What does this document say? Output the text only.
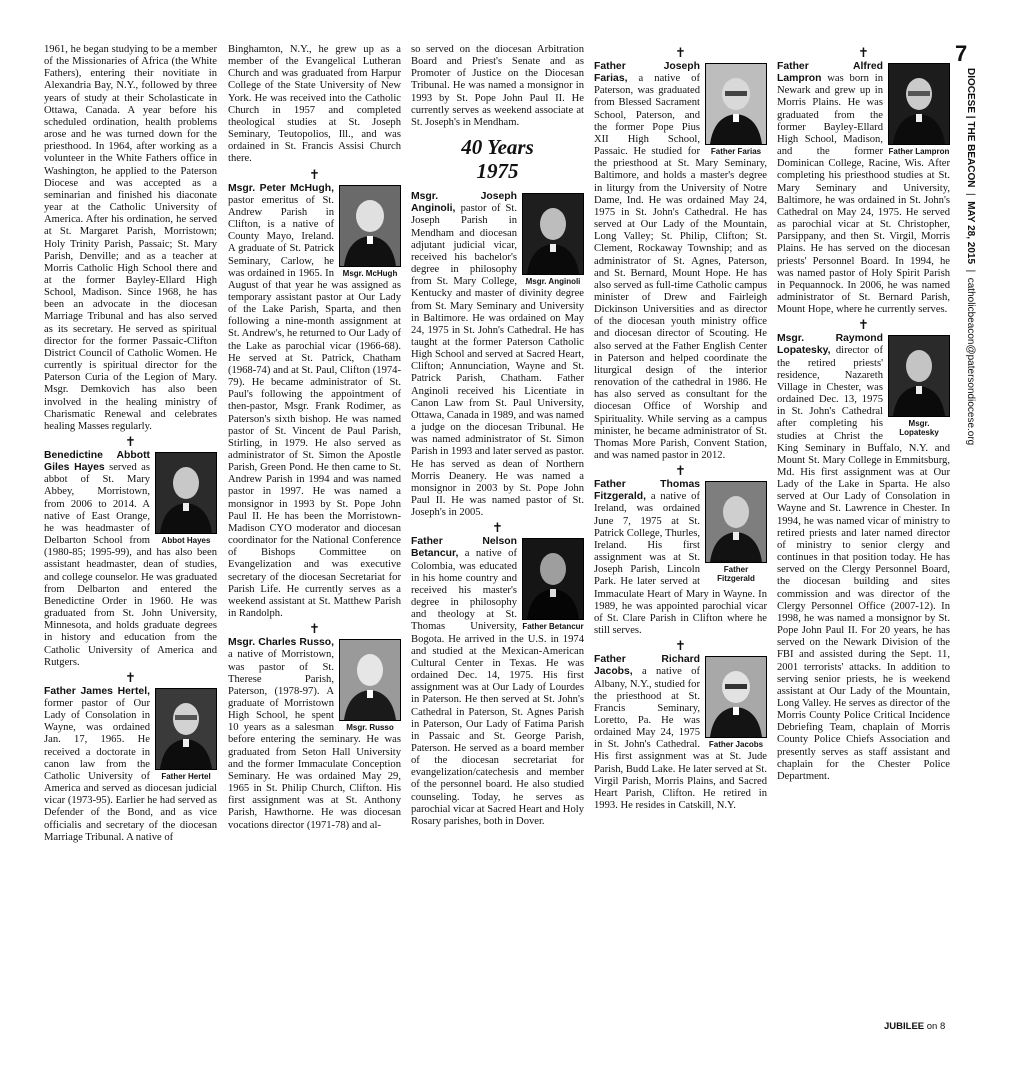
7
DIOCESE | THE BEACON  |  MAY 28, 2015  |  catholicbeacon@patersondiocese.org

1961, he began studying to be a member of the Missionaries of Africa (the White Fathers), entering their novitiate in Alexandria Bay, N.Y., followed by three years of study at their Scholasticate in Ottawa, Canada. A year before his scheduled ordination, health problems arose and he was turned down for the priesthood. In 1964, after working as a volunteer in the White Fathers office in Washington, he applied to the Paterson Diocese and was accepted as a seminarian and finished his diaconate year at the Catholic University of America. After his ordination, he served at St. Margaret Parish, Morristown; Holy Trinity Parish, Passaic; St. Mary Parish, Denville; and as a teacher at Morris Catholic High School there and at the former Bayley-Ellard High School, Madison. Since 1968, he has been an advocate in the diocesan Marriage Tribunal and has also served as its secretary. He served as spiritual director for the former Passaic-Clifton District Council of Catholic Women. He currently is spiritual director for the Paterson Curia of the Legion of Mary. Msgr. Demkovich has also been involved in the healing ministry of Charismatic Renewal and celebrates healing Masses regularly.

✝
Abbot Hayes

Benedictine Abbott Giles Hayes served as abbot of St. Mary Abbey, Morristown, from 2006 to 2014. A native of East Orange, he was headmaster of Delbarton School from (1980-85; 1995-99), and has also been assistant headmaster, dean of studies, and college counselor. He was graduated from Delbarton and entered the Benedictine Order in 1960. He was graduated from St. John University, Minnesota, and holds graduate degrees in history and education from the Catholic University of America and Rutgers.

✝
Father Hertel

Father James Hertel, former pastor of Our Lady of Consolation in Wayne, was ordained Jan. 17, 1965. He received a doctorate in canon law from the Catholic University of America and served as diocesan judicial vicar (1973-95). Earlier he had served as Defender of the Bond, and as vice officialis and secretary of the diocesan Marriage Tribunal. A native of

Binghamton, N.Y., he grew up as a member of the Evangelical Lutheran Church and was graduated from Harpur College of the State University of New York. He was received into the Catholic Church in 1957 and completed theological studies at St. Joseph Seminary, Teutopolios, Ill., and was ordained in St. Francis Assisi Church there.

✝
Msgr. McHugh

Msgr. Peter McHugh, pastor emeritus of St. Andrew Parish in Clifton, is a native of County Mayo, Ireland. A graduate of St. Patrick Seminary, Carlow, he was ordained in 1965. In August of that year he was assigned as temporary assistant pastor at Our Lady of the Lake Parish, Sparta, and then following a nine-month assignment at St. Andrew's, he returned to Our Lady of the Lake as parochial vicar (1966-68). He served at St. Patrick, Chatham (1968-74) and at St. Paul, Clifton (1974-79). He became administrator of St. Paul's following the appointment of then-pastor, Msgr. Frank Rodimer, as Paterson's sixth bishop. He was named pastor of St. Vincent de Paul Parish, Stirling, in 1979. He also served as administrator of St. Simon the Apostle Parish, Green Pond. He then came to St. Andrew Parish in 1994 and was named pastor in 1997. He was named a monsignor in 1993 by St. Pope John Paul II. He has been the Morristown-Madison CYO moderator and diocesan coordinator for the National Conference of Bishops Committee on Evangelization and was executive secretary of the diocesan Secretariat for Parish Life. He currently serves as a weekend assistant at St. Matthew Parish in Randolph.

✝
Msgr. Russo

Msgr. Charles Russo, a native of Morristown, was pastor of St. Therese Parish, Paterson, (1978-97). A graduate of Morristown High School, he spent 10 years as a salesman before entering the seminary. He was graduated from Seton Hall University and the former Immaculate Conception Seminary. He was ordained May 29, 1965 in St. Philip Church, Clifton. His first assignment was at St. Anthony Parish, Hawthorne. He was diocesan vocations director (1971-78) and al-

so served on the diocesan Arbitration Board and Priest's Senate and as Promoter of Justice on the Diocesan Tribunal. He was named a monsignor in 1993 by St. Pope John Paul II. He currently serves as weekend associate at St. Joseph's in Mendham.

40 Years
1975
Msgr. Anginoli

Msgr. Joseph Anginoli, pastor of St. Joseph Parish in Mendham and diocesan adjutant judicial vicar, received his bachelor's degree in philosophy from St. Mary College, Kentucky and master of divinity degree from St. Mary Seminary and University in Baltimore. He was ordained on May 24, 1975 in St. John's Cathedral. He has taught at the former Paterson Catholic High School and served at Sacred Heart, Clifton; Annunciation, Wayne and St. Patrick Parish, Chatham. Father Anginoli received his Licentiate in Canon Law from St. Paul University, Ottawa, Canada in 1989, and was named a judge on the diocesan Tribunal. He was named administrator of St. Simon Parish in 1993 and later served as pastor. He has served as dean of Northern Morris Deanery. He was named a monsignor in 2003 by St. Pope John Paul II. He was named pastor of St. Joseph's in 2005.

✝
Father Betancur

Father Nelson Betancur, a native of Colombia, was educated in his home country and received his master's degree in philosophy and theology at St. Thomas University, Bogota. He arrived in the U.S. in 1974 and studied at the Mexican-American Cultural Center in Texas. He was ordained Dec. 14, 1975. His first assignment was at Our Lady of Lourdes in Paterson. He then served at St. John's Cathedral in Paterson, St. Agnes Parish in Paterson, Our Lady of Fatima Parish in Passaic and St. George Parish, Paterson. He served as a board member of the diocesan secretariat for evangelization/catechesis and member of the personnel board. He also studied counseling. Today, he serves as parochial vicar at Sacred Heart and Holy Rosary parishes, both in Dover.

✝
Father Farias

Father Joseph Farias, a native of Paterson, was graduated from Blessed Sacrament School, Paterson, and the former Pope Pius XII High School, Passaic. He studied for the priesthood at St. Mary Seminary, Baltimore, and holds a master's degree in liturgy from the University of Notre Dame, Ind. He was ordained May 24, 1975 in St. John's Cathedral. He has served at Our Lady of the Mountain, Long Valley; St. Philip, Clifton; St. Clement, Rockaway Township; and as administrator of St. Agnes, Paterson, and St. Bernard, Mount Hope. He has also served as full-time Catholic campus minister of Drew and Fairleigh Dickinson Universities and as director of the diocesan youth ministry office and diocesan director of Scouting. He also served at the Father English Center in Paterson and helped coordinate the liturgical design of the interior renovation of the cathedral in 1986. He has also served as consultant for the diocesan Office of Worship and Spirituality. While serving as a campus minister, he became administrator of St. Thomas More Parish, Convent Station, and was named pastor in 2012.

✝
Father Fitzgerald

Father Thomas Fitzgerald, a native of Ireland, was ordained June 7, 1975 at St. Patrick College, Thurles, Ireland. His first assignment was at St. Joseph Parish, Lincoln Park. He later served at Immaculate Heart of Mary in Wayne. In 1989, he was appointed parochial vicar of St. Clare Parish in Clifton where he still serves.

✝
Father Jacobs

Father Richard Jacobs, a native of Albany, N.Y., studied for the priesthood at St. Francis Seminary, Loretto, Pa. He was ordained May 24, 1975 in St. John's Cathedral. His first assignment was at St. Jude Parish, Budd Lake. He later served at St. Virgil Parish, Morris Plains, and Sacred Heart Parish, Clifton. He retired in 1993. He resides in Catskill, N.Y.

✝
Father Lampron

Father Alfred Lampron was born in Newark and grew up in Morris Plains. He was graduated from the former Bayley-Ellard High School, Madison, and the former Dominican College, Racine, Wis. After completing his priesthood studies at St. Mary Seminary and University, Baltimore, he was ordained in St. John's Cathedral on May 24, 1975. He served as parochial vicar at St. Christopher, Parsippany, and then St. Virgil, Morris Plains. He has served on the diocesan priests' Personnel Board. In 1994, he was named pastor of Holy Spirit Parish in Pequannock. In 2006, he was named administrator of St. Bernard Parish, Mount Hope, where he currently serves.

✝
Msgr. Lopatesky

Msgr. Raymond Lopatesky, director of the retired priests' residence, Nazareth Village in Chester, was ordained Dec. 13, 1975 in St. John's Cathedral after completing his studies at Christ the King Seminary in Buffalo, N.Y. and Mount St. Mary College in Emmitsburg, Md. His first assignment was at Our Lady of the Lake in Sparta. He also served at Our Lady of Consolation in Wayne and St. Lawrence in Chester. In 1994, he was named vicar of ministry to retired priests and later named director of ministry to senior clergy and continues in that position today. He has served on the Clergy Personnel Board, the diocesan building and sites commission and was director of the Clergy Personnel Office (2007-12). In 1998, he was named a monsignor by St. Pope John Paul II. For 20 years, he has served on the Newark Division of the FBI and assisted during the Sept. 11, 2001 terrorists' attacks. In addition to serving senior priests, he is weekend assistant at Our Lady of the Mountain, Long Valley. He serves as director of the Morris County Police Critical Incidence Debriefing Team, chaplain of Morris County Police Chiefs Association and presently serves as staff assistant and chaplain for the Chester Police Department.

JUBILEE on 8
